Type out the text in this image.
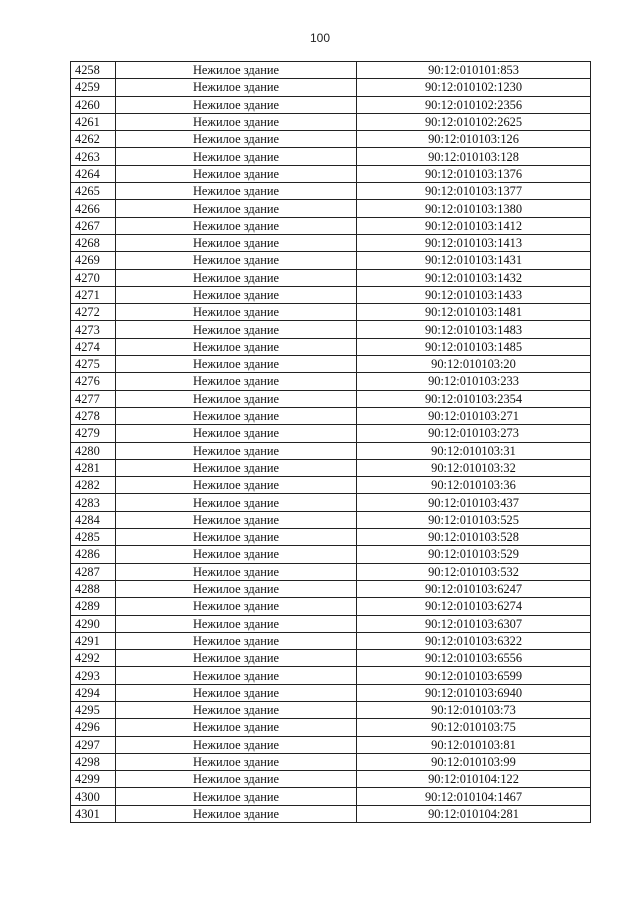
100
4258	Нежилое здание	90:12:010101:853
4259	Нежилое здание	90:12:010102:1230
4260	Нежилое здание	90:12:010102:2356
4261	Нежилое здание	90:12:010102:2625
4262	Нежилое здание	90:12:010103:126
4263	Нежилое здание	90:12:010103:128
4264	Нежилое здание	90:12:010103:1376
4265	Нежилое здание	90:12:010103:1377
4266	Нежилое здание	90:12:010103:1380
4267	Нежилое здание	90:12:010103:1412
4268	Нежилое здание	90:12:010103:1413
4269	Нежилое здание	90:12:010103:1431
4270	Нежилое здание	90:12:010103:1432
4271	Нежилое здание	90:12:010103:1433
4272	Нежилое здание	90:12:010103:1481
4273	Нежилое здание	90:12:010103:1483
4274	Нежилое здание	90:12:010103:1485
4275	Нежилое здание	90:12:010103:20
4276	Нежилое здание	90:12:010103:233
4277	Нежилое здание	90:12:010103:2354
4278	Нежилое здание	90:12:010103:271
4279	Нежилое здание	90:12:010103:273
4280	Нежилое здание	90:12:010103:31
4281	Нежилое здание	90:12:010103:32
4282	Нежилое здание	90:12:010103:36
4283	Нежилое здание	90:12:010103:437
4284	Нежилое здание	90:12:010103:525
4285	Нежилое здание	90:12:010103:528
4286	Нежилое здание	90:12:010103:529
4287	Нежилое здание	90:12:010103:532
4288	Нежилое здание	90:12:010103:6247
4289	Нежилое здание	90:12:010103:6274
4290	Нежилое здание	90:12:010103:6307
4291	Нежилое здание	90:12:010103:6322
4292	Нежилое здание	90:12:010103:6556
4293	Нежилое здание	90:12:010103:6599
4294	Нежилое здание	90:12:010103:6940
4295	Нежилое здание	90:12:010103:73
4296	Нежилое здание	90:12:010103:75
4297	Нежилое здание	90:12:010103:81
4298	Нежилое здание	90:12:010103:99
4299	Нежилое здание	90:12:010104:122
4300	Нежилое здание	90:12:010104:1467
4301	Нежилое здание	90:12:010104:281
